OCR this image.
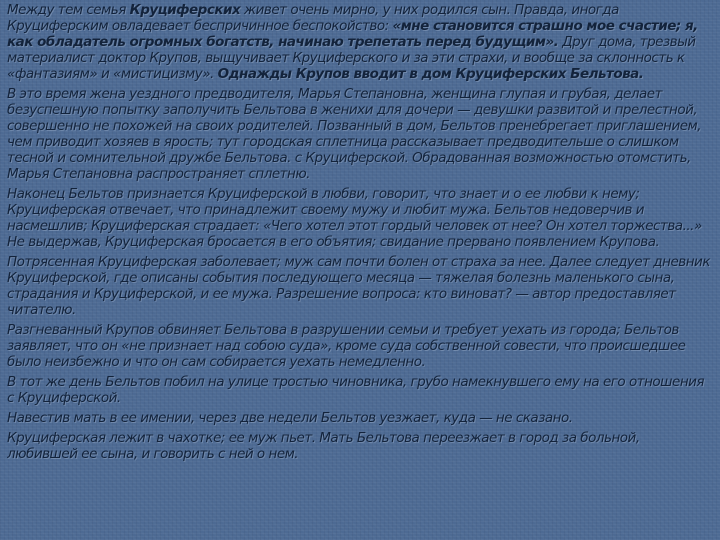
Между тем семья Круциферских живет очень мирно, у них родился сын. Правда, иногда Круциферским овладевает беспричинное беспокойство: «мне становится страшно мое счастие; я, как обладатель огромных богатств, начинаю трепетать перед будущим». Друг дома, трезвый материалист доктор Крупов, выщучивает Круциферского и за эти страхи, и вообще за склонность к «фантазиям» и «мистицизму». Однажды Крупов вводит в дом Круциферских Бельтова.

В это время жена уездного предводителя, Марья Степановна, женщина глупая и грубая, делает безуспешную попытку заполучить Бельтова в женихи для дочери — девушки развитой и прелестной, совершенно не похожей на своих родителей. Позванный в дом, Бельтов пренебрегает приглашением, чем приводит хозяев в ярость; тут городская сплетница рассказывает предводительше о слишком тесной и сомнительной дружбе Бельтова. с Круциферской. Обрадованная возможностью отомстить, Марья Степановна распространяет сплетню.

Наконец Бельтов признается Круциферской в любви, говорит, что знает и о ее любви к нему; Круциферская отвечает, что принадлежит своему мужу и любит мужа. Бельтов недоверчив и насмешлив; Круциферская страдает: «Чего хотел этот гордый человек от нее? Он хотел торжества...» Не выдержав, Круциферская бросается в его объятия; свидание прервано появлением Крупова.

Потрясенная Круциферская заболевает; муж сам почти болен от страха за нее. Далее следует дневник Круциферской, где описаны события последующего месяца — тяжелая болезнь маленького сына, страдания и Круциферской, и ее мужа. Разрешение вопроса: кто виноват? — автор предоставляет читателю.

Разгневанный Крупов обвиняет Бельтова в разрушении семьи и требует уехать из города; Бельтов заявляет, что он «не признает над собою суда», кроме суда собственной совести, что происшедшее было неизбежно и что он сам собирается уехать немедленно.

В тот же день Бельтов побил на улице тростью чиновника, грубо намекнувшего ему на его отношения с Круциферской.

Навестив мать в ее имении, через две недели Бельтов уезжает, куда — не сказано.

Круциферская лежит в чахотке; ее муж пьет. Мать Бельтова переезжает в город за больной, любившей ее сына, и говорить с ней о нем.
